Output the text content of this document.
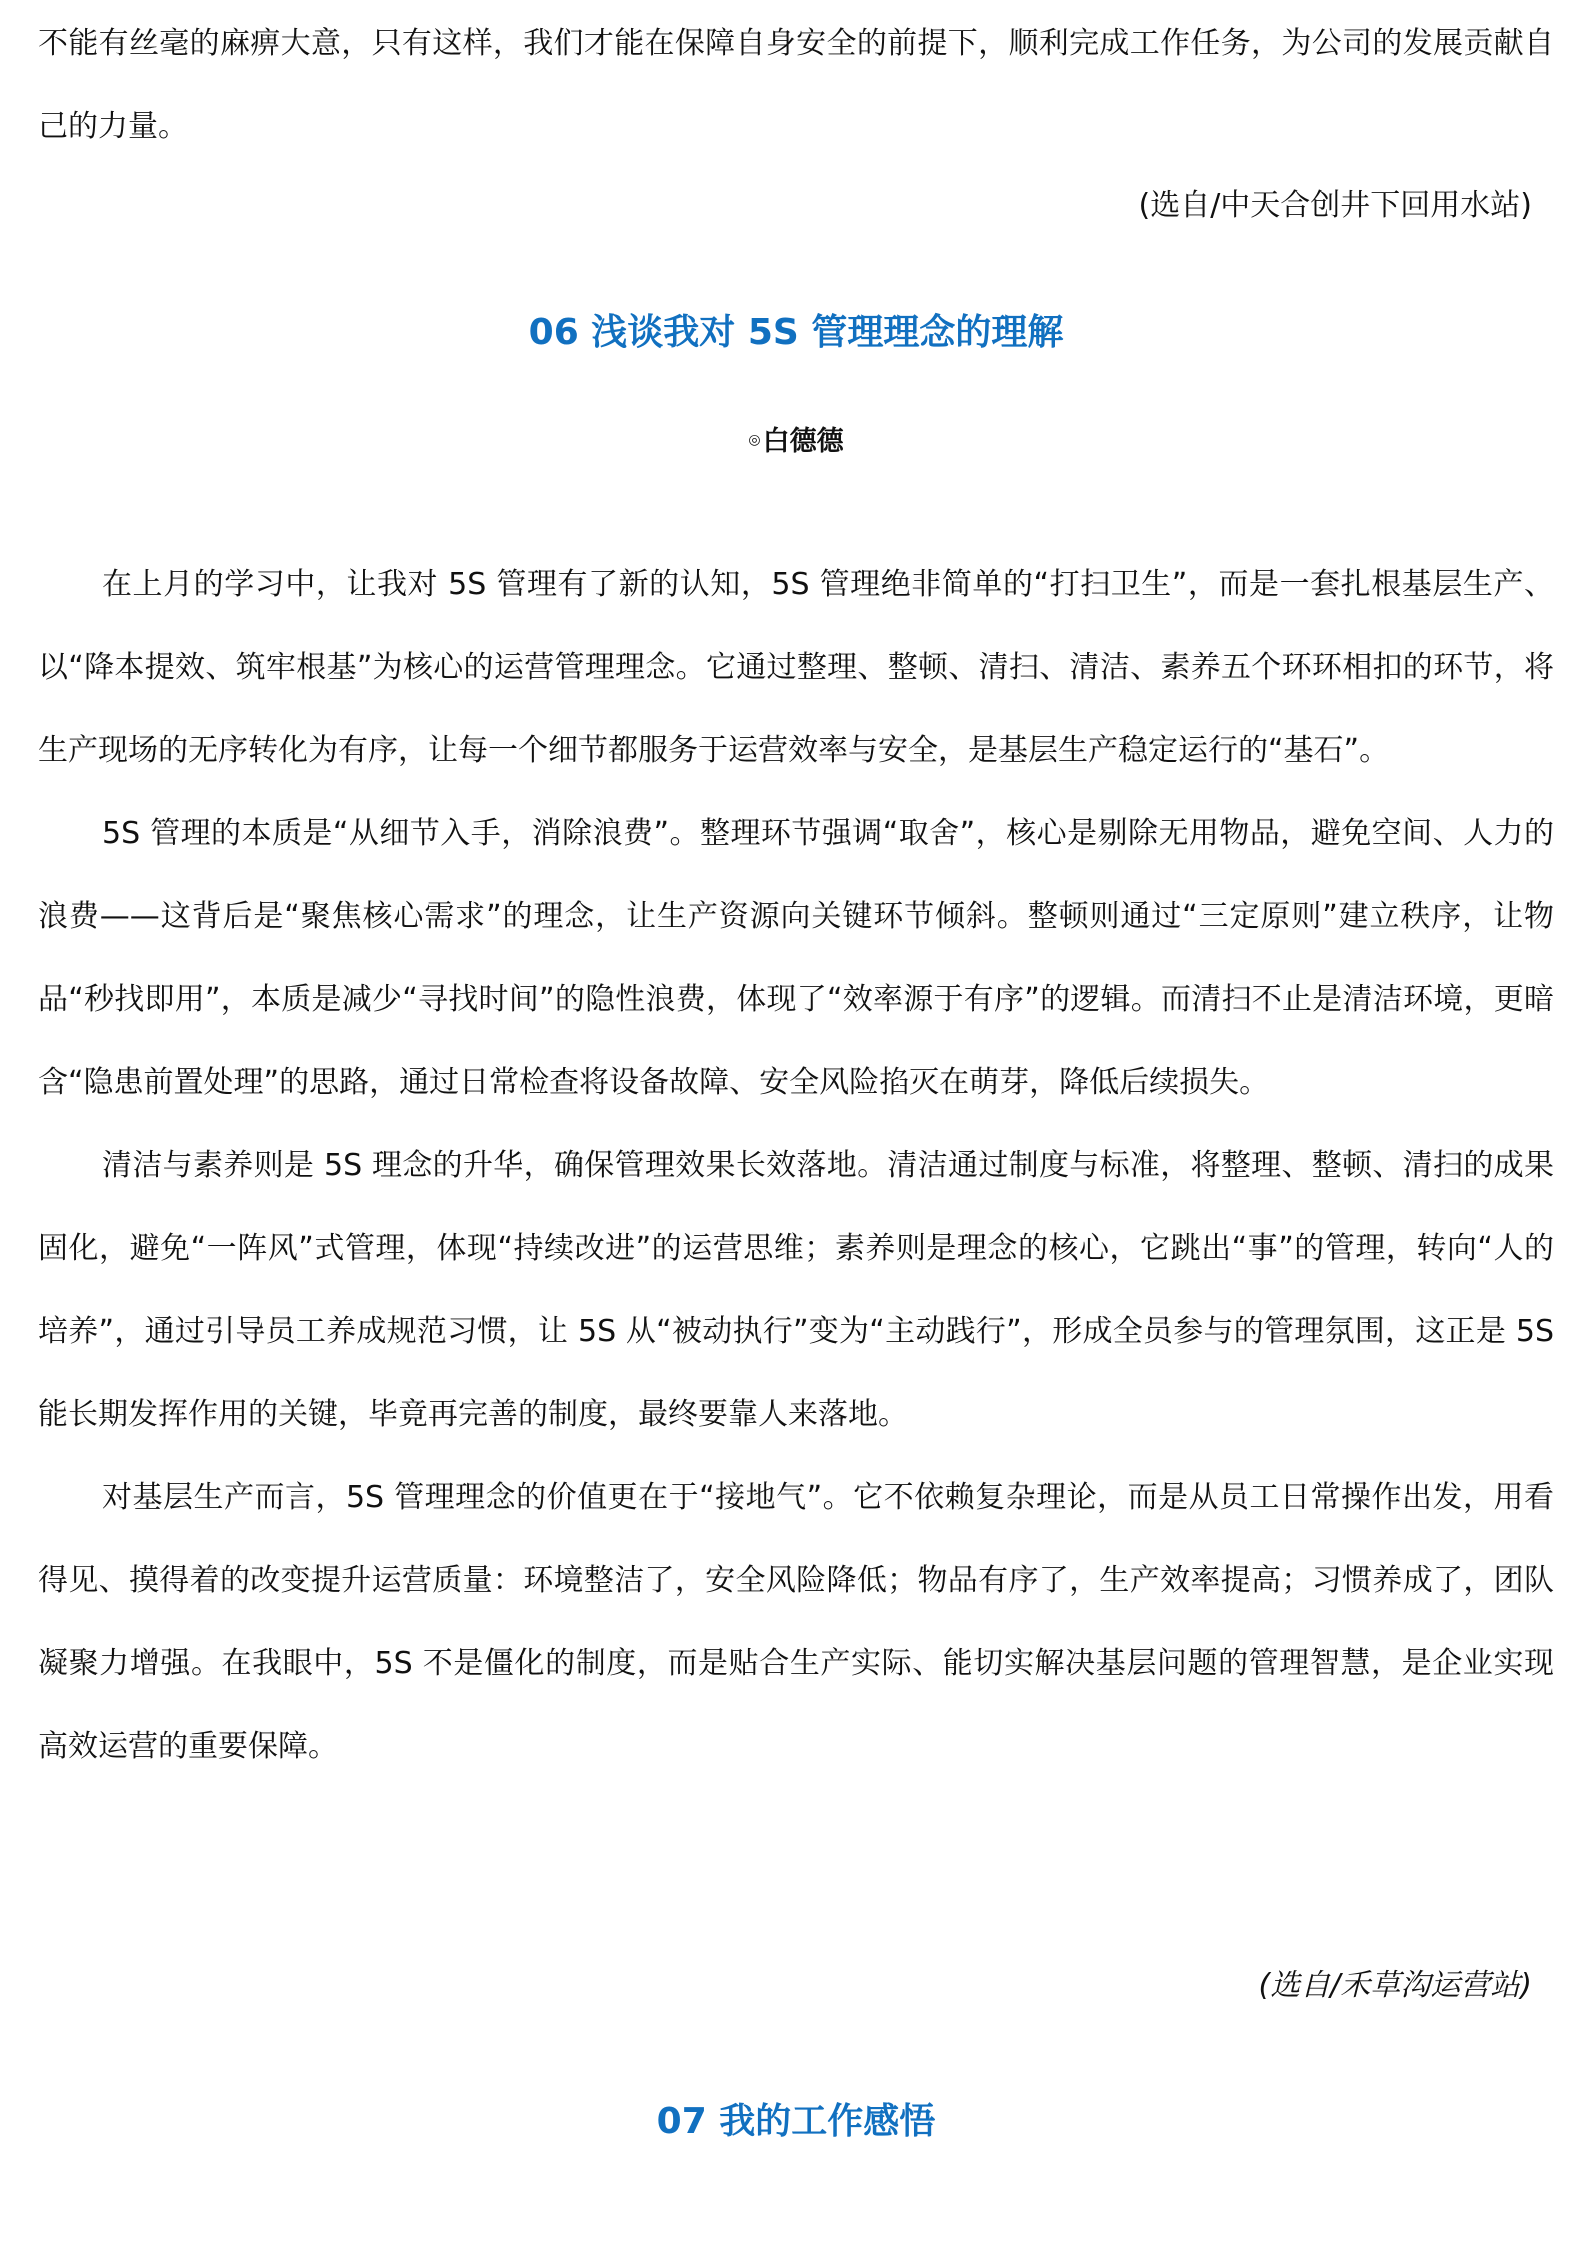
不能有丝毫的麻痹大意，只有这样，我们才能在保障自身安全的前提下，顺利完成工作任务，为公司的发展贡献自己的力量。

(选自/中天合创井下回用水站)
06 浅谈我对 5S 管理理念的理解
◎白德德

在上月的学习中，让我对 5S 管理有了新的认知，5S 管理绝非简单的“打扫卫生”，而是一套扎根基层生产、以“降本提效、筑牢根基”为核心的运营管理理念。它通过整理、整顿、清扫、清洁、素养五个环环相扣的环节，将生产现场的无序转化为有序，让每一个细节都服务于运营效率与安全，是基层生产稳定运行的“基石”。

5S 管理的本质是“从细节入手，消除浪费”。整理环节强调“取舍”，核心是剔除无用物品，避免空间、人力的浪费——这背后是“聚焦核心需求”的理念，让生产资源向关键环节倾斜。整顿则通过“三定原则”建立秩序，让物品“秒找即用”，本质是减少“寻找时间”的隐性浪费，体现了“效率源于有序”的逻辑。而清扫不止是清洁环境，更暗含“隐患前置处理”的思路，通过日常检查将设备故障、安全风险掐灭在萌芽，降低后续损失。

清洁与素养则是 5S 理念的升华，确保管理效果长效落地。清洁通过制度与标准，将整理、整顿、清扫的成果固化，避免“一阵风”式管理，体现“持续改进”的运营思维；素养则是理念的核心，它跳出“事”的管理，转向“人的培养”，通过引导员工养成规范习惯，让 5S 从“被动执行”变为“主动践行”，形成全员参与的管理氛围，这正是 5S 能长期发挥作用的关键，毕竟再完善的制度，最终要靠人来落地。

对基层生产而言，5S 管理理念的价值更在于“接地气”。它不依赖复杂理论，而是从员工日常操作出发，用看得见、摸得着的改变提升运营质量：环境整洁了，安全风险降低；物品有序了，生产效率提高；习惯养成了，团队凝聚力增强。在我眼中，5S 不是僵化的制度，而是贴合生产实际、能切实解决基层问题的管理智慧，是企业实现高效运营的重要保障。

(选自/禾草沟运营站)
07 我的工作感悟
